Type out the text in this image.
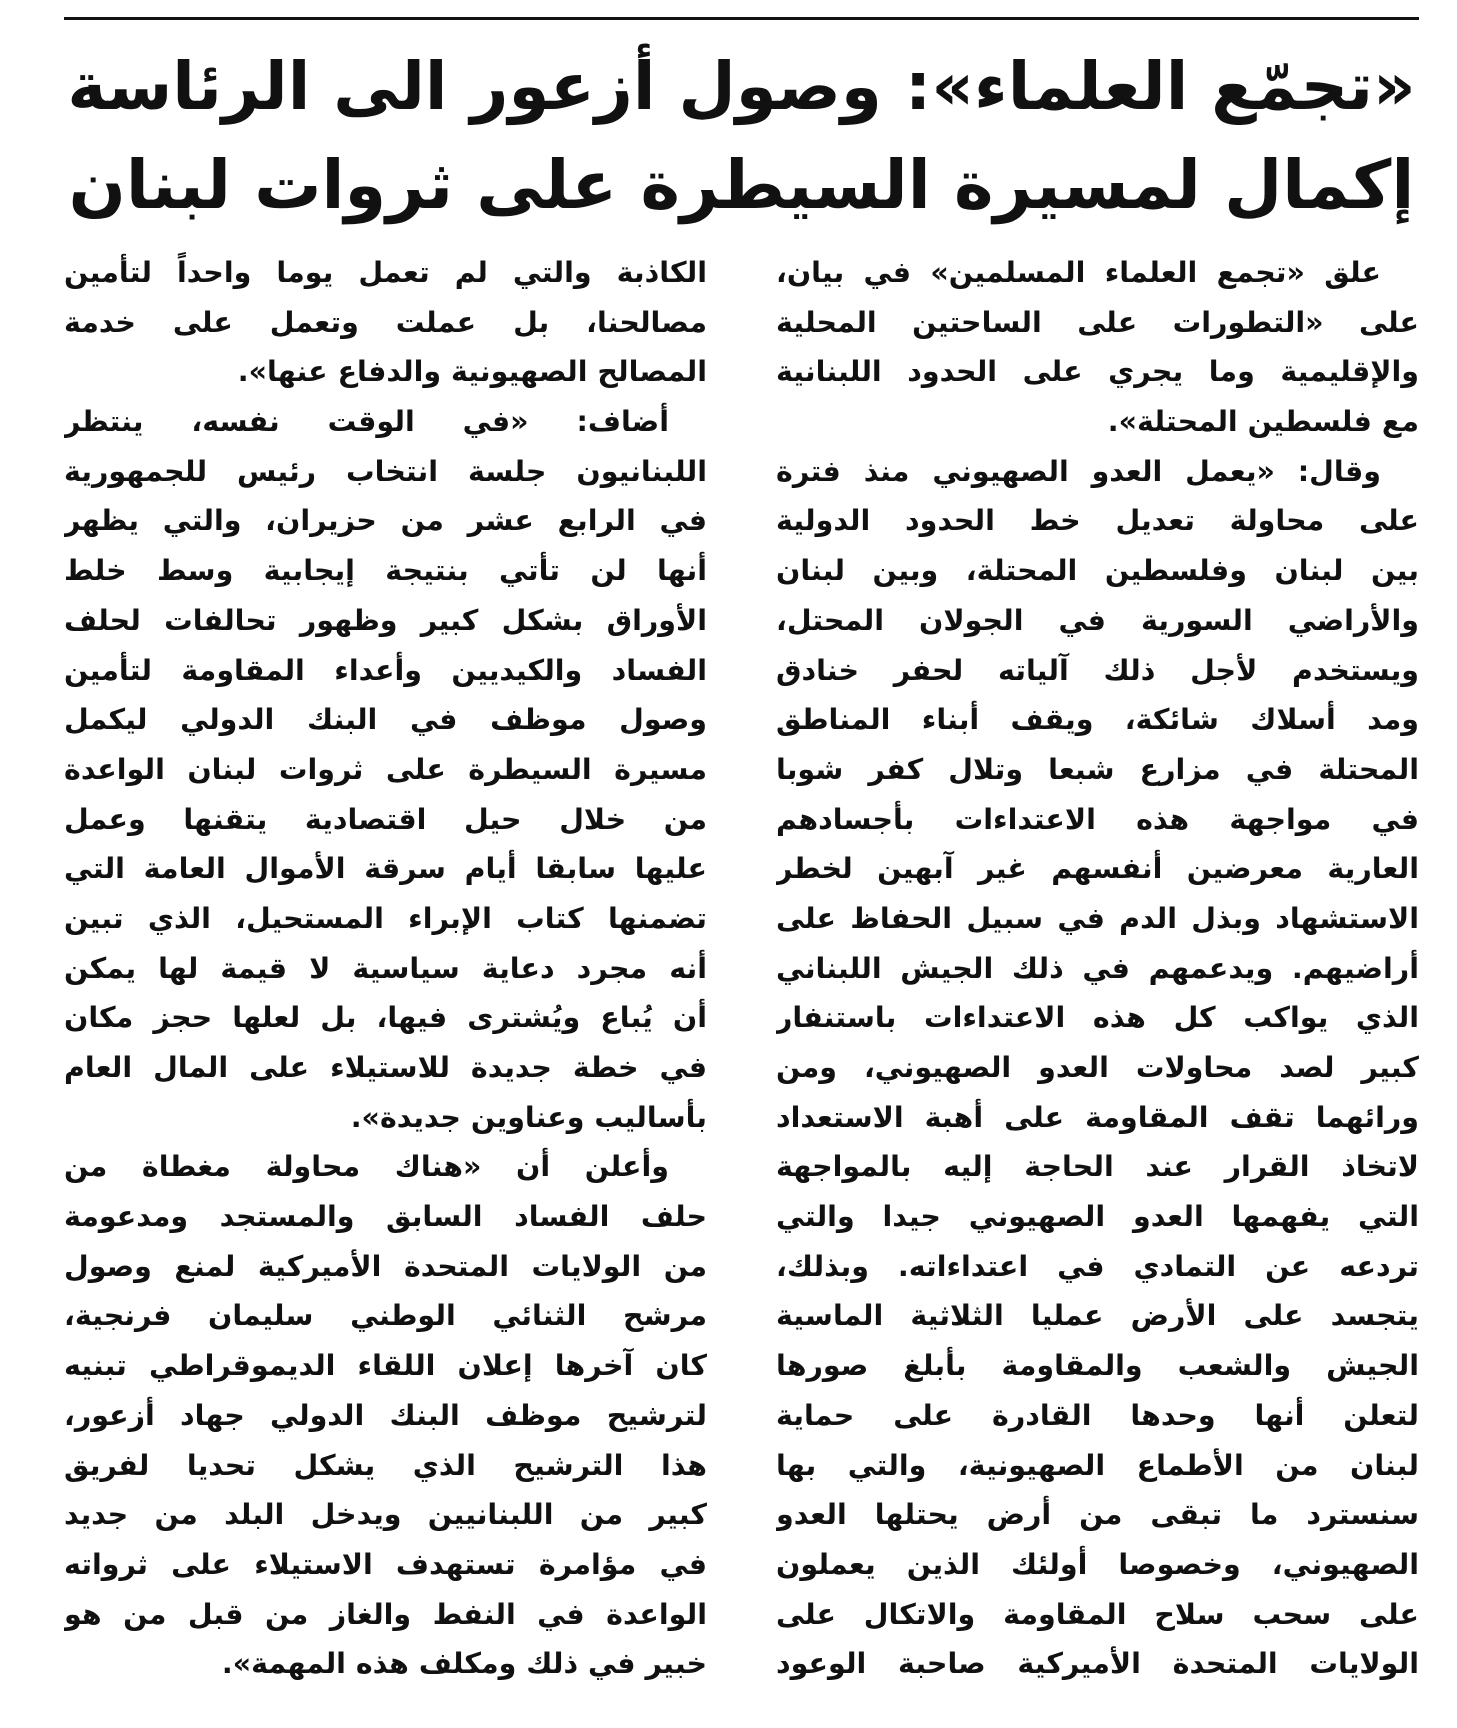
«تجمّع العلماء»: وصول أزعور الى الرئاسة
إكمال لمسيرة السيطرة على ثروات لبنان
علق «تجمع العلماء المسلمين» في بيان،
على «التطورات على الساحتين المحلية
والإقليمية وما يجري على الحدود اللبنانية
مع فلسطين المحتلة».
وقال: «يعمل العدو الصهيوني منذ فترة
على محاولة تعديل خط الحدود الدولية
بين لبنان وفلسطين المحتلة، وبين لبنان
والأراضي السورية في الجولان المحتل،
ويستخدم لأجل ذلك آلياته لحفر خنادق
ومد أسلاك شائكة، ويقف أبناء المناطق
المحتلة في مزارع شبعا وتلال كفر شوبا
في مواجهة هذه الاعتداءات بأجسادهم
العارية معرضين أنفسهم غير آبهين لخطر
الاستشهاد وبذل الدم في سبيل الحفاظ على
أراضيهم. ويدعمهم في ذلك الجيش اللبناني
الذي يواكب كل هذه الاعتداءات باستنفار
كبير لصد محاولات العدو الصهيوني، ومن
ورائهما تقف المقاومة على أهبة الاستعداد
لاتخاذ القرار عند الحاجة إليه بالمواجهة
التي يفهمها العدو الصهيوني جيدا والتي
تردعه عن التمادي في اعتداءاته. وبذلك،
يتجسد على الأرض عمليا الثلاثية الماسية
الجيش والشعب والمقاومة بأبلغ صورها
لتعلن أنها وحدها القادرة على حماية
لبنان من الأطماع الصهيونية، والتي بها
سنسترد ما تبقى من أرض يحتلها العدو
الصهيوني، وخصوصا أولئك الذين يعملون
على سحب سلاح المقاومة والاتكال على
الولايات المتحدة الأميركية صاحبة الوعود
الكاذبة والتي لم تعمل يوما واحداً لتأمين
مصالحنا، بل عملت وتعمل على خدمة
المصالح الصهيونية والدفاع عنها».
أضاف: «في الوقت نفسه، ينتظر
اللبنانيون جلسة انتخاب رئيس للجمهورية
في الرابع عشر من حزيران، والتي يظهر
أنها لن تأتي بنتيجة إيجابية وسط خلط
الأوراق بشكل كبير وظهور تحالفات لحلف
الفساد والكيديين وأعداء المقاومة لتأمين
وصول موظف في البنك الدولي ليكمل
مسيرة السيطرة على ثروات لبنان الواعدة
من خلال حيل اقتصادية يتقنها وعمل
عليها سابقا أيام سرقة الأموال العامة التي
تضمنها كتاب الإبراء المستحيل، الذي تبين
أنه مجرد دعاية سياسية لا قيمة لها يمكن
أن يُباع ويُشترى فيها، بل لعلها حجز مكان
في خطة جديدة للاستيلاء على المال العام
بأساليب وعناوين جديدة».
وأعلن أن «هناك محاولة مغطاة من
حلف الفساد السابق والمستجد ومدعومة
من الولايات المتحدة الأميركية لمنع وصول
مرشح الثنائي الوطني سليمان فرنجية،
كان آخرها إعلان اللقاء الديموقراطي تبنيه
لترشيح موظف البنك الدولي جهاد أزعور،
هذا الترشيح الذي يشكل تحديا لفريق
كبير من اللبنانيين ويدخل البلد من جديد
في مؤامرة تستهدف الاستيلاء على ثرواته
الواعدة في النفط والغاز من قبل من هو
خبير في ذلك ومكلف هذه المهمة».
